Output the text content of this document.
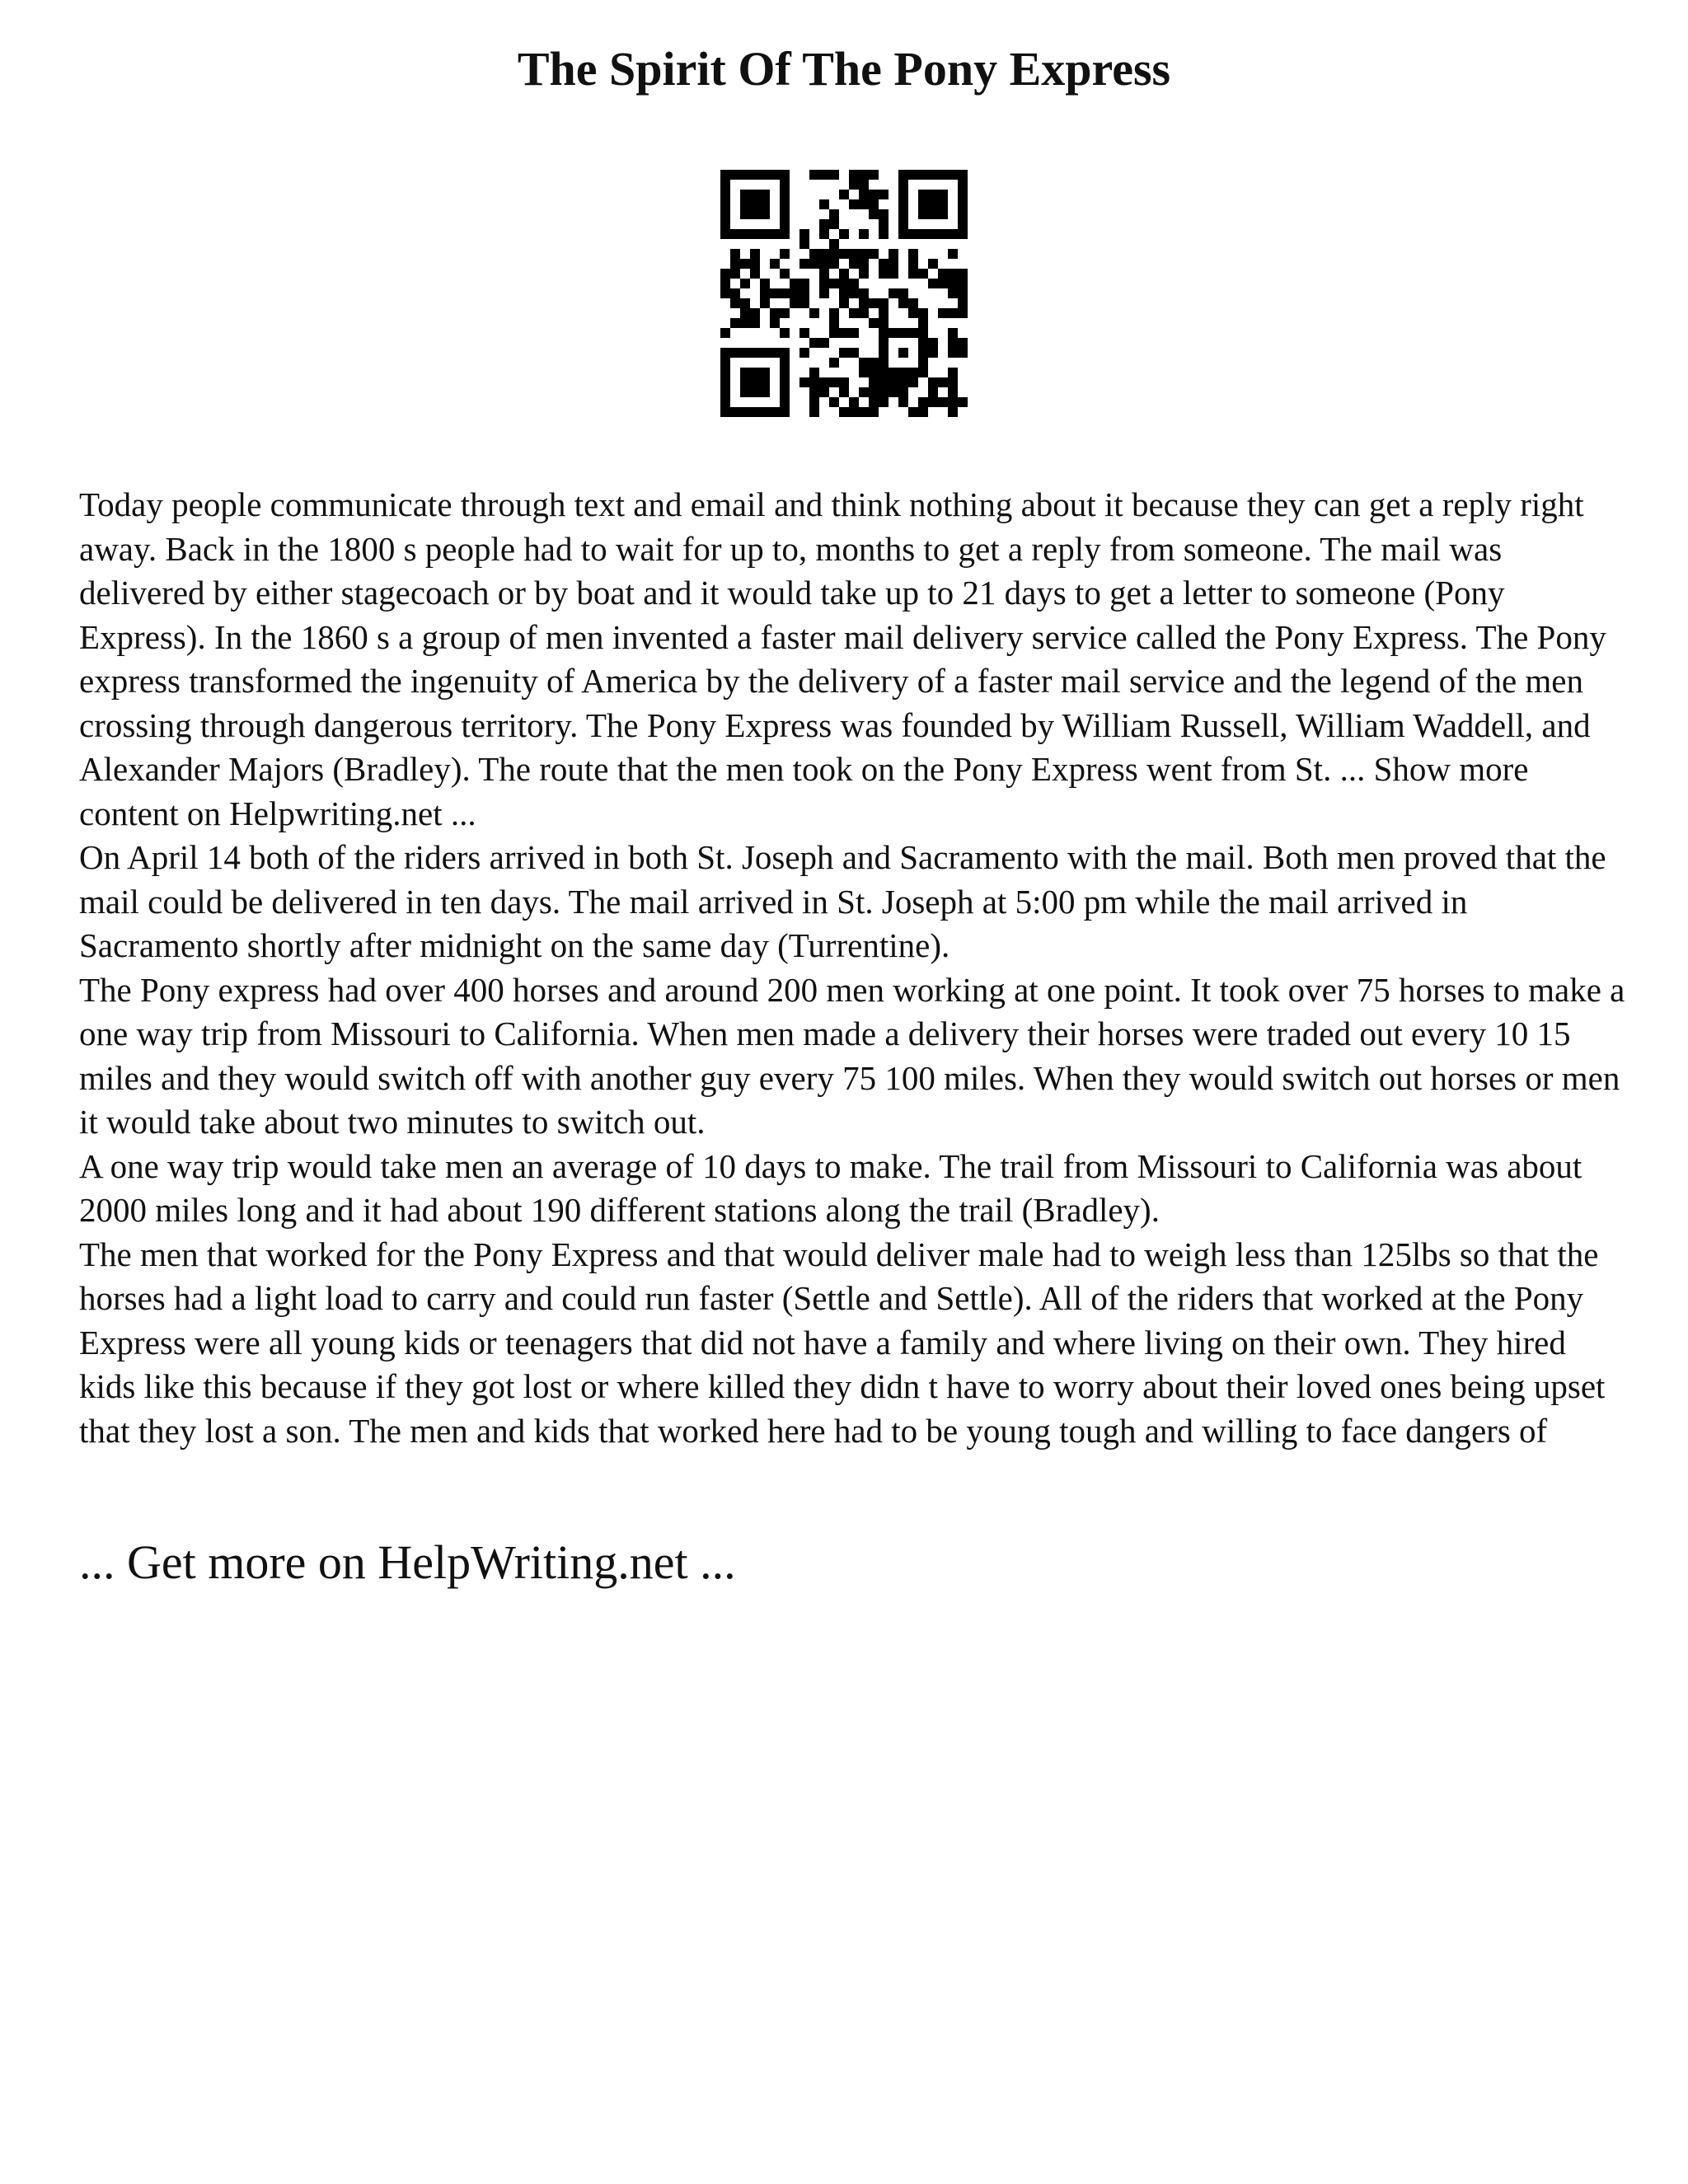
The Spirit Of The Pony Express

Today people communicate through text and email and think nothing about it because they can get a reply right away. Back in the 1800 s people had to wait for up to, months to get a reply from someone. The mail was delivered by either stagecoach or by boat and it would take up to 21 days to get a letter to someone (Pony Express). In the 1860 s a group of men invented a faster mail delivery service called the Pony Express. The Pony express transformed the ingenuity of America by the delivery of a faster mail service and the legend of the men crossing through dangerous territory. The Pony Express was founded by William Russell, William Waddell, and Alexander Majors (Bradley). The route that the men took on the Pony Express went from St. ... Show more content on Helpwriting.net ...

On April 14 both of the riders arrived in both St. Joseph and Sacramento with the mail. Both men proved that the mail could be delivered in ten days. The mail arrived in St. Joseph at 5:00 pm while the mail arrived in Sacramento shortly after midnight on the same day (Turrentine).

The Pony express had over 400 horses and around 200 men working at one point. It took over 75 horses to make a one way trip from Missouri to California. When men made a delivery their horses were traded out every 10 15 miles and they would switch off with another guy every 75 100 miles. When they would switch out horses or men it would take about two minutes to switch out.

A one way trip would take men an average of 10 days to make. The trail from Missouri to California was about 2000 miles long and it had about 190 different stations along the trail (Bradley).

The men that worked for the Pony Express and that would deliver male had to weigh less than 125lbs so that the horses had a light load to carry and could run faster (Settle and Settle). All of the riders that worked at the Pony Express were all young kids or teenagers that did not have a family and where living on their own. They hired kids like this because if they got lost or where killed they didn t have to worry about their loved ones being upset that they lost a son. The men and kids that worked here had to be young tough and willing to face dangers of

... Get more on HelpWriting.net ...
